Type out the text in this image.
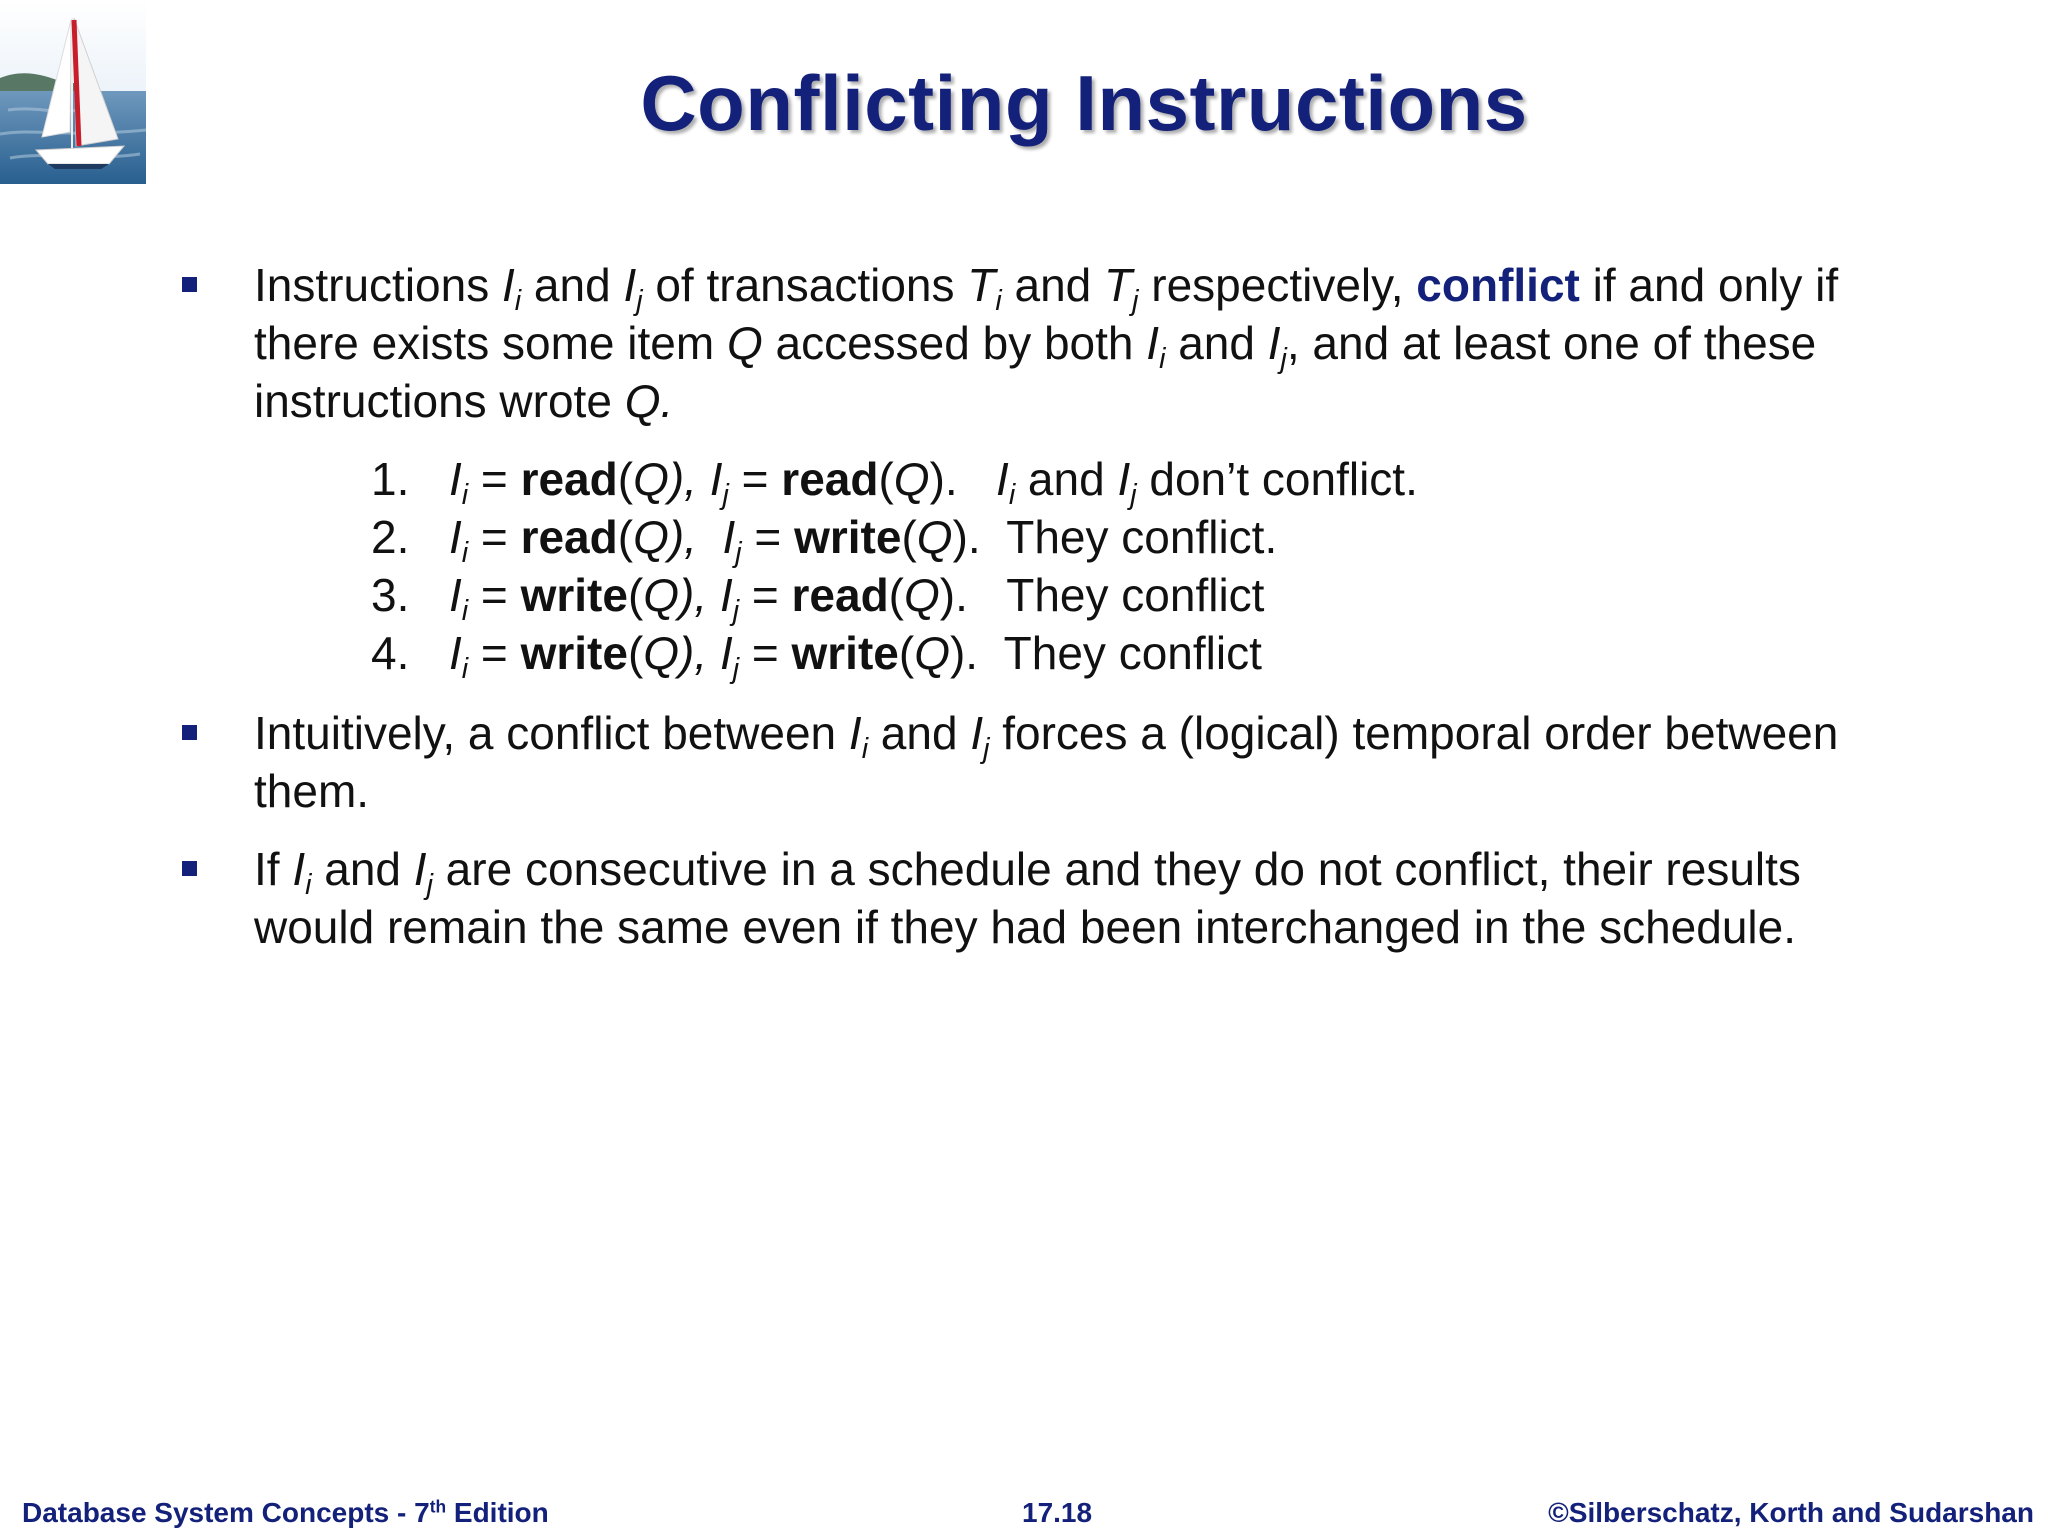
Conflicting Instructions
Instructions $I_i$ and $I_j$ of transactions $T_i$ and $T_j$ respectively, conflict if and only if there exists some item Q accessed by both $I_i$ and $I_j$, and at least one of these instructions wrote Q.
1. $I_i$ = read(Q), $I_j$ = read(Q). $I_i$ and $I_j$ don’t conflict.
2. $I_i$ = read(Q), $I_j$ = write(Q). They conflict.
3. $I_i$ = write(Q), $I_j$ = read(Q). They conflict
4. $I_i$ = write(Q), $I_j$ = write(Q). They conflict
Intuitively, a conflict between $I_i$ and $I_j$ forces a (logical) temporal order between them.
If $I_i$ and $I_j$ are consecutive in a schedule and they do not conflict, their results would remain the same even if they had been interchanged in the schedule.
Database System Concepts - 7th Edition	17.18	©Silberschatz, Korth and Sudarshan
